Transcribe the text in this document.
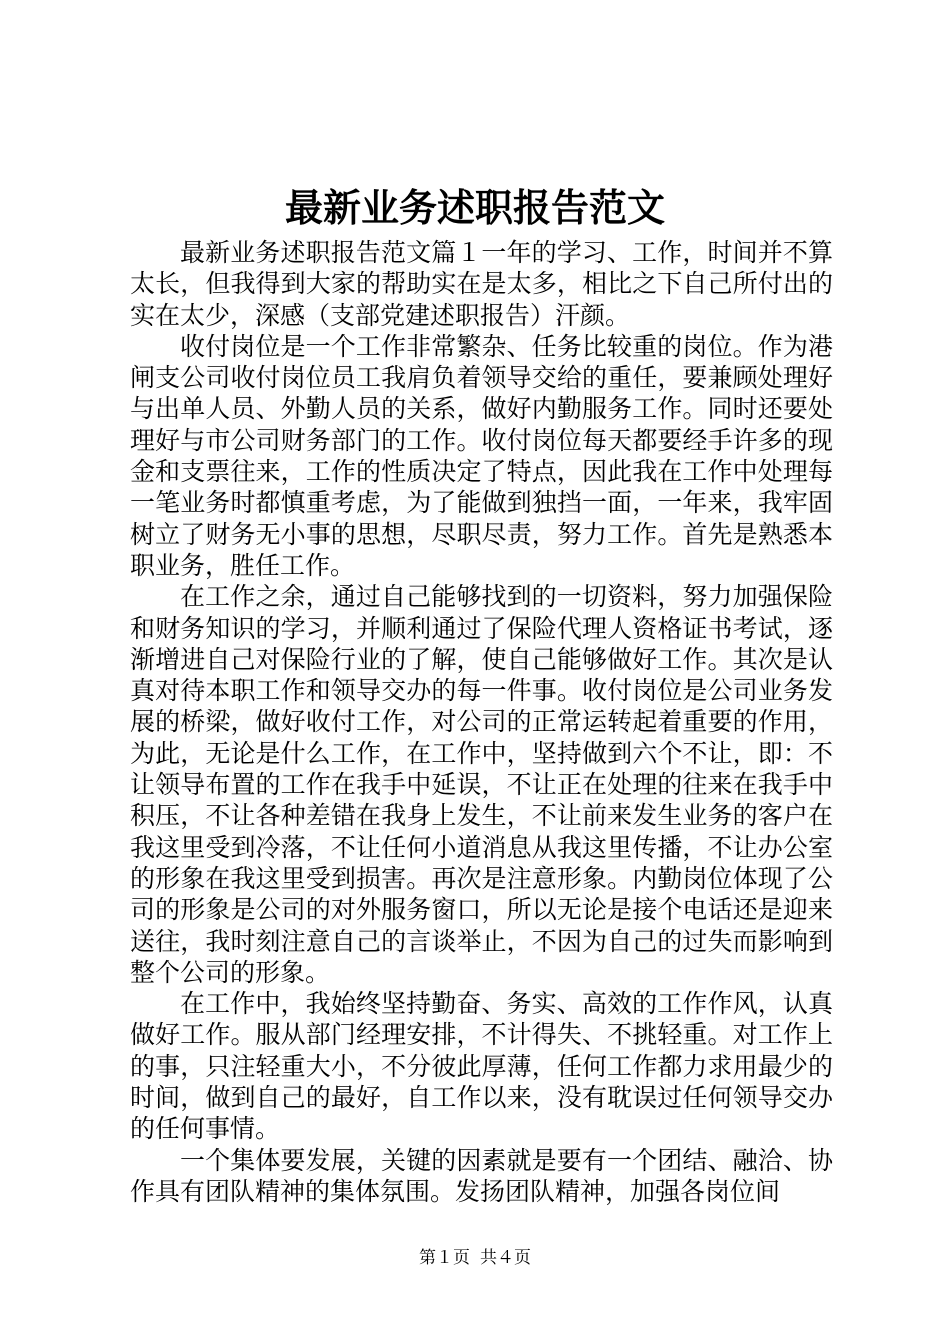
最新业务述职报告范文

最新业务述职报告范文篇１一年的学习、工作，时间并不算太长，但我得到大家的帮助实在是太多，相比之下自己所付出的实在太少，深感（支部党建述职报告）汗颜。

收付岗位是一个工作非常繁杂、任务比较重的岗位。作为港闸支公司收付岗位员工我肩负着领导交给的重任，要兼顾处理好与出单人员、外勤人员的关系，做好内勤服务工作。同时还要处理好与市公司财务部门的工作。收付岗位每天都要经手许多的现金和支票往来，工作的性质决定了特点，因此我在工作中处理每一笔业务时都慎重考虑，为了能做到独挡一面，一年来，我牢固树立了财务无小事的思想，尽职尽责，努力工作。首先是熟悉本职业务，胜任工作。

在工作之余，通过自己能够找到的一切资料，努力加强保险和财务知识的学习，并顺利通过了保险代理人资格证书考试，逐渐增进自己对保险行业的了解，使自己能够做好工作。其次是认真对待本职工作和领导交办的每一件事。收付岗位是公司业务发展的桥梁，做好收付工作，对公司的正常运转起着重要的作用，为此，无论是什么工作，在工作中，坚持做到六个不让，即：不让领导布置的工作在我手中延误，不让正在处理的往来在我手中积压，不让各种差错在我身上发生，不让前来发生业务的客户在我这里受到冷落，不让任何小道消息从我这里传播，不让办公室的形象在我这里受到损害。再次是注意形象。内勤岗位体现了公司的形象是公司的对外服务窗口，所以无论是接个电话还是迎来送往，我时刻注意自己的言谈举止，不因为自己的过失而影响到整个公司的形象。

在工作中，我始终坚持勤奋、务实、高效的工作作风，认真做好工作。服从部门经理安排，不计得失、不挑轻重。对工作上的事，只注轻重大小，不分彼此厚薄，任何工作都力求用最少的时间，做到自己的最好，自工作以来，没有耽误过任何领导交办的任何事情。

一个集体要发展，关键的因素就是要有一个团结、融洽、协作具有团队精神的集体氛围。发扬团队精神，加强各岗位间

第１页 共４页
